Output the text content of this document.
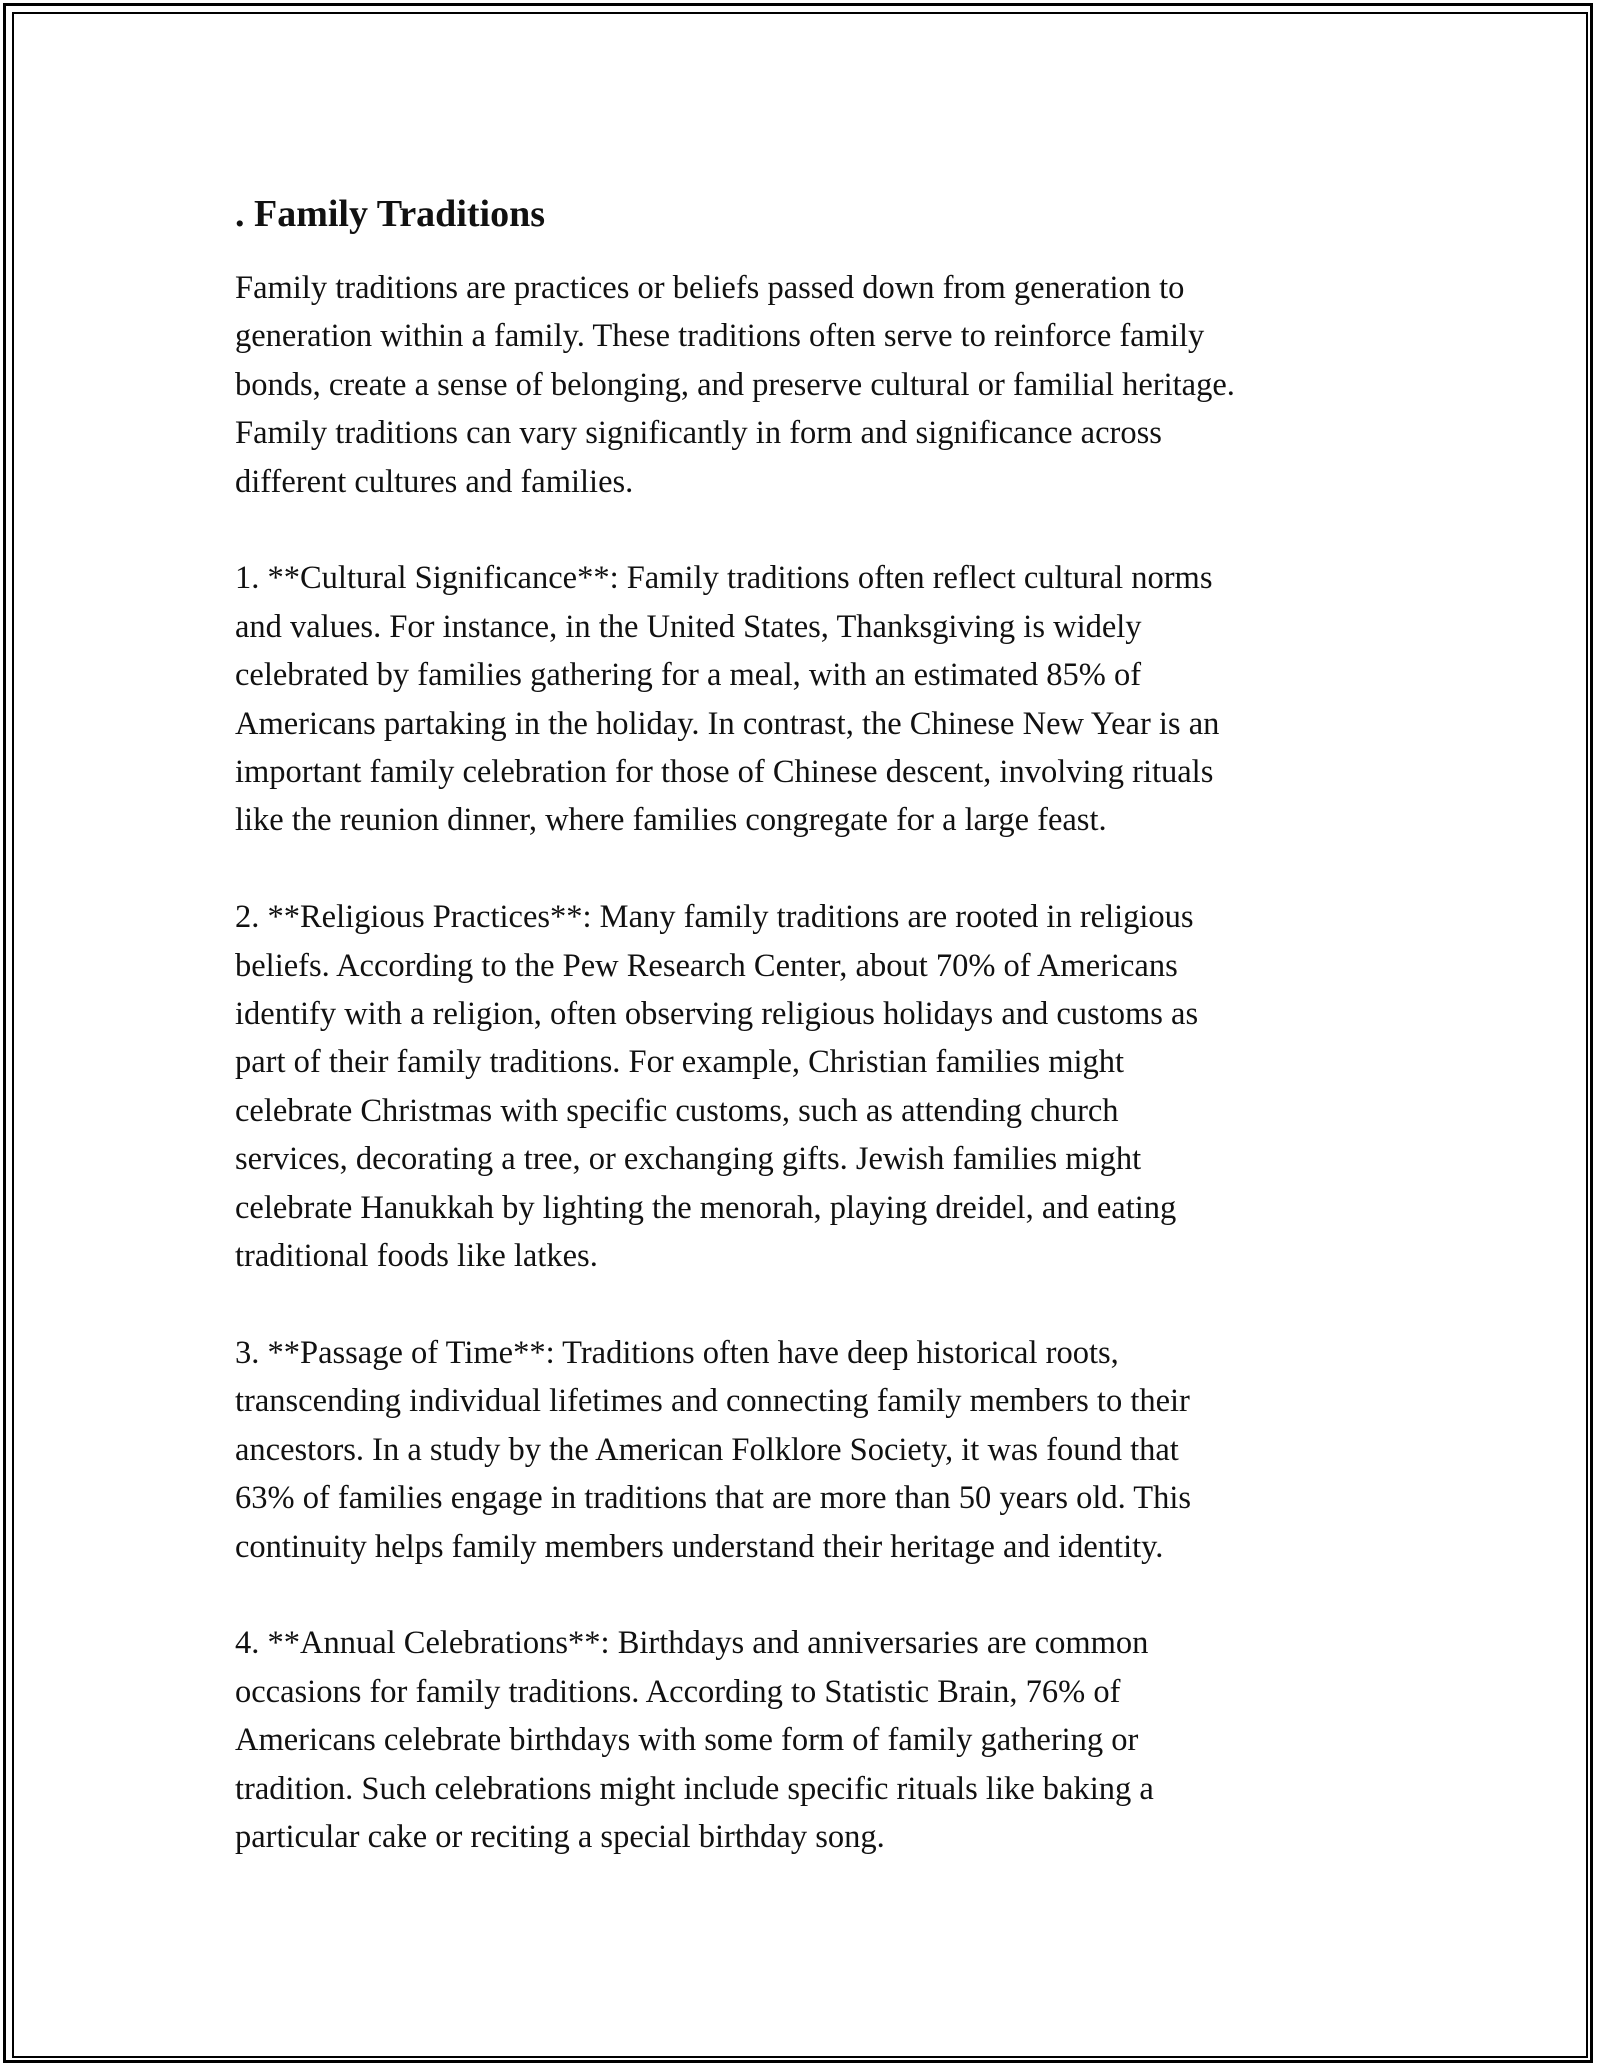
. Family Traditions

Family traditions are practices or beliefs passed down from generation to
generation within a family. These traditions often serve to reinforce family
bonds, create a sense of belonging, and preserve cultural or familial heritage.
Family traditions can vary significantly in form and significance across
different cultures and families.

1. **Cultural Significance**: Family traditions often reflect cultural norms
and values. For instance, in the United States, Thanksgiving is widely
celebrated by families gathering for a meal, with an estimated 85% of
Americans partaking in the holiday. In contrast, the Chinese New Year is an
important family celebration for those of Chinese descent, involving rituals
like the reunion dinner, where families congregate for a large feast.

2. **Religious Practices**: Many family traditions are rooted in religious
beliefs. According to the Pew Research Center, about 70% of Americans
identify with a religion, often observing religious holidays and customs as
part of their family traditions. For example, Christian families might
celebrate Christmas with specific customs, such as attending church
services, decorating a tree, or exchanging gifts. Jewish families might
celebrate Hanukkah by lighting the menorah, playing dreidel, and eating
traditional foods like latkes.

3. **Passage of Time**: Traditions often have deep historical roots,
transcending individual lifetimes and connecting family members to their
ancestors. In a study by the American Folklore Society, it was found that
63% of families engage in traditions that are more than 50 years old. This
continuity helps family members understand their heritage and identity.

4. **Annual Celebrations**: Birthdays and anniversaries are common
occasions for family traditions. According to Statistic Brain, 76% of
Americans celebrate birthdays with some form of family gathering or
tradition. Such celebrations might include specific rituals like baking a
particular cake or reciting a special birthday song.
